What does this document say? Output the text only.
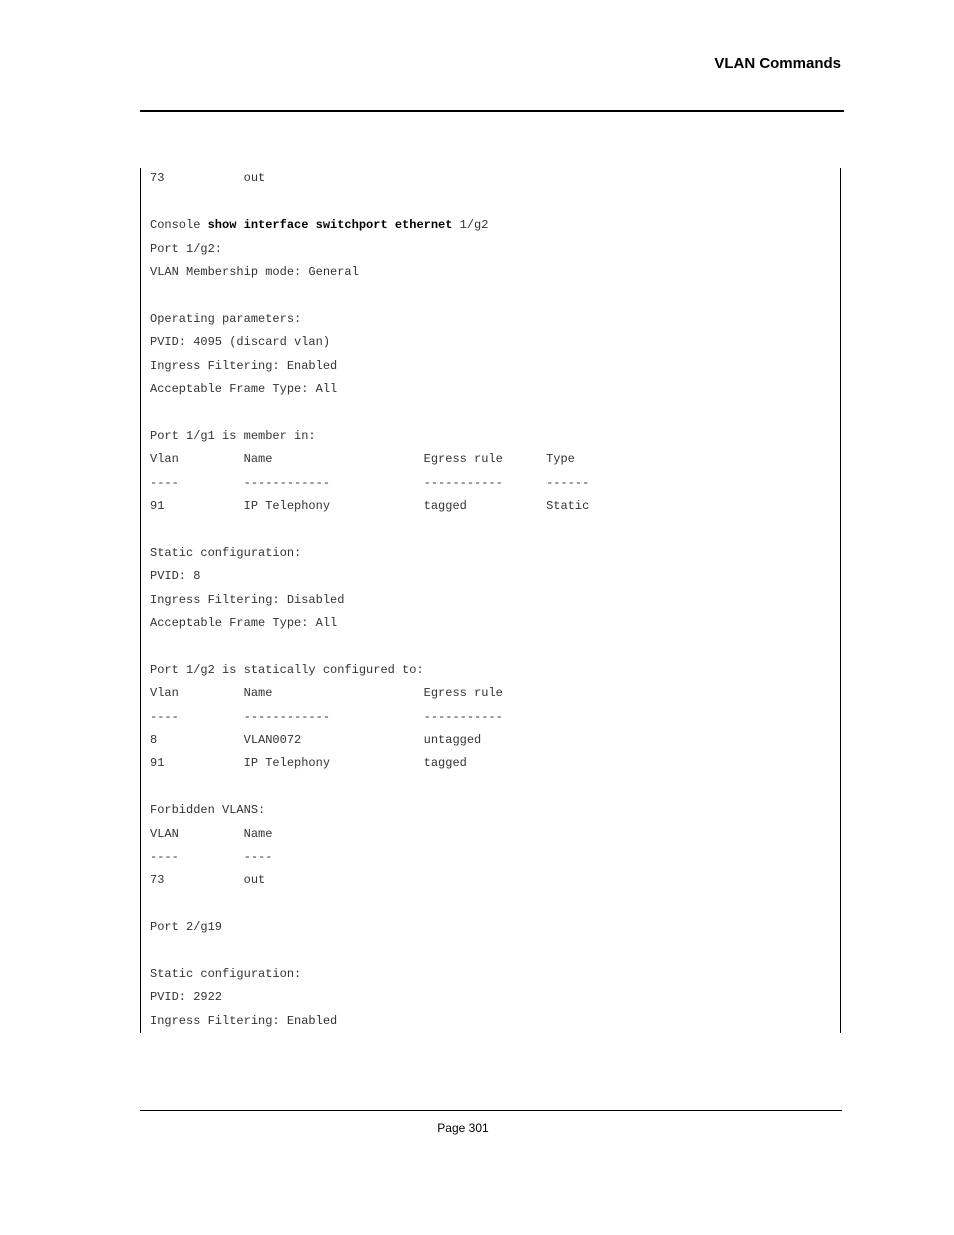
VLAN Commands
Console show interface switchport ethernet 1/g2
73           out
Port 1/g2:
VLAN Membership mode: General
Operating parameters:
PVID: 4095 (discard vlan)
Ingress Filtering: Enabled
Acceptable Frame Type: All
Port 1/g1 is member in:
Vlan         Name                     Egress rule      Type
----         ------------             -----------      ------
91           IP Telephony             tagged           Static
Static configuration:
PVID: 8
Ingress Filtering: Disabled
Acceptable Frame Type: All
Port 1/g2 is statically configured to:
Vlan         Name                     Egress rule
----         ------------             -----------
8            VLAN0072                 untagged
91           IP Telephony             tagged
Forbidden VLANS:
VLAN         Name
----         ----
73           out
Port 2/g19
Static configuration:
PVID: 2922
Ingress Filtering: Enabled
Page 301
